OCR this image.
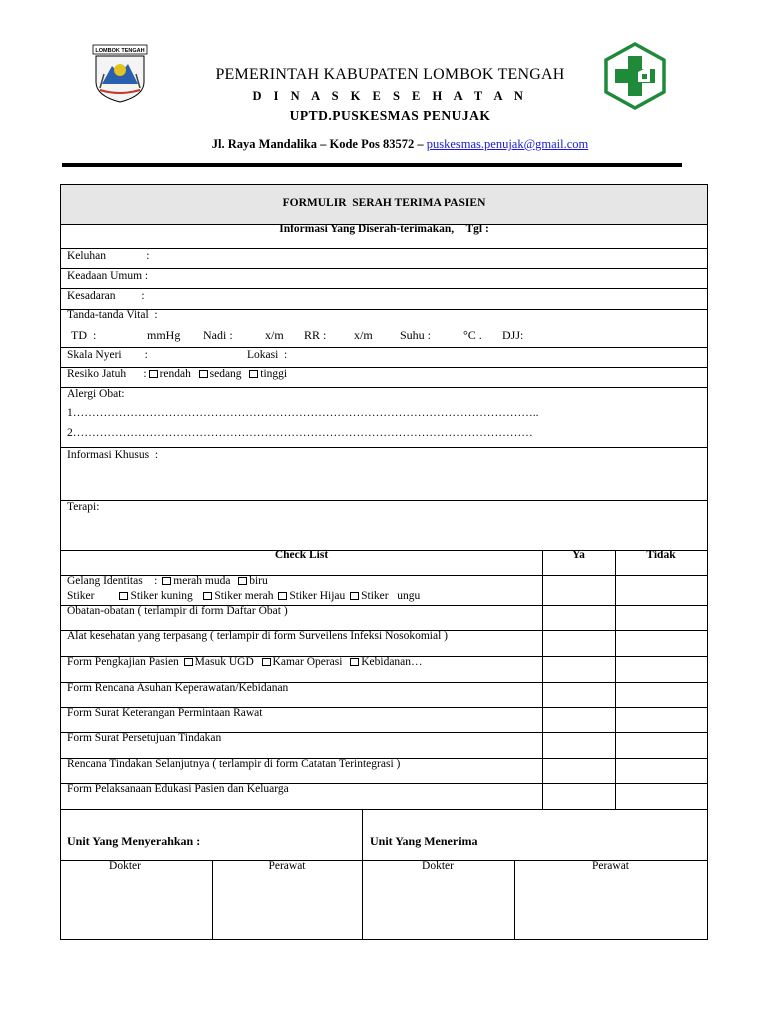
LOMBOK TENGAH
PEMERINTAH KABUPATEN LOMBOK TENGAH
D I N A S K E S E H A T A N
UPTD.PUSKESMAS PENUJAK
Jl. Raya Mandalika – Kode Pos 83572 – puskesmas.penujak@gmail.com
FORMULIR  SERAH TERIMA PASIEN
Informasi Yang Diserah-terimakan,    Tgl :
Keluhan              :
Keadaan Umum :
Kesadaran         :
Tanda-tanda Vital  :
TD  :	mmHg Nadi :	x/m RR : x/m Suhu :	°C . DJJ:
Skala Nyeri        :	Lokasi  :
Resiko Jatuh      : rendah sedang tinggi
Alergi Obat:
1…………………………………………………………………………………………………………..
2…………………………………………………………………………………………………………
Informasi Khusus  :
Terapi:
Check List	Ya	Tidak
Gelang Identitas    : merah muda biru
Stiker	Stiker kuning Stiker merah Stiker Hijau Stiker   ungu
Obatan-obatan ( terlampir di form Daftar Obat )
Alat kesehatan yang terpasang ( terlampir di form Surveilens Infeksi Nosokomial )
Form Pengkajian Pasien Masuk UGD Kamar Operasi Kebidanan…
Form Rencana Asuhan Keperawatan/Kebidanan
Form Surat Keterangan Permintaan Rawat
Form Surat Persetujuan Tindakan
Rencana Tindakan Selanjutnya ( terlampir di form Catatan Terintegrasi )
Form Pelaksanaan Edukasi Pasien dan Keluarga
Unit Yang Menyerahkan :	Unit Yang Menerima
Dokter	Perawat	Dokter	Perawat
